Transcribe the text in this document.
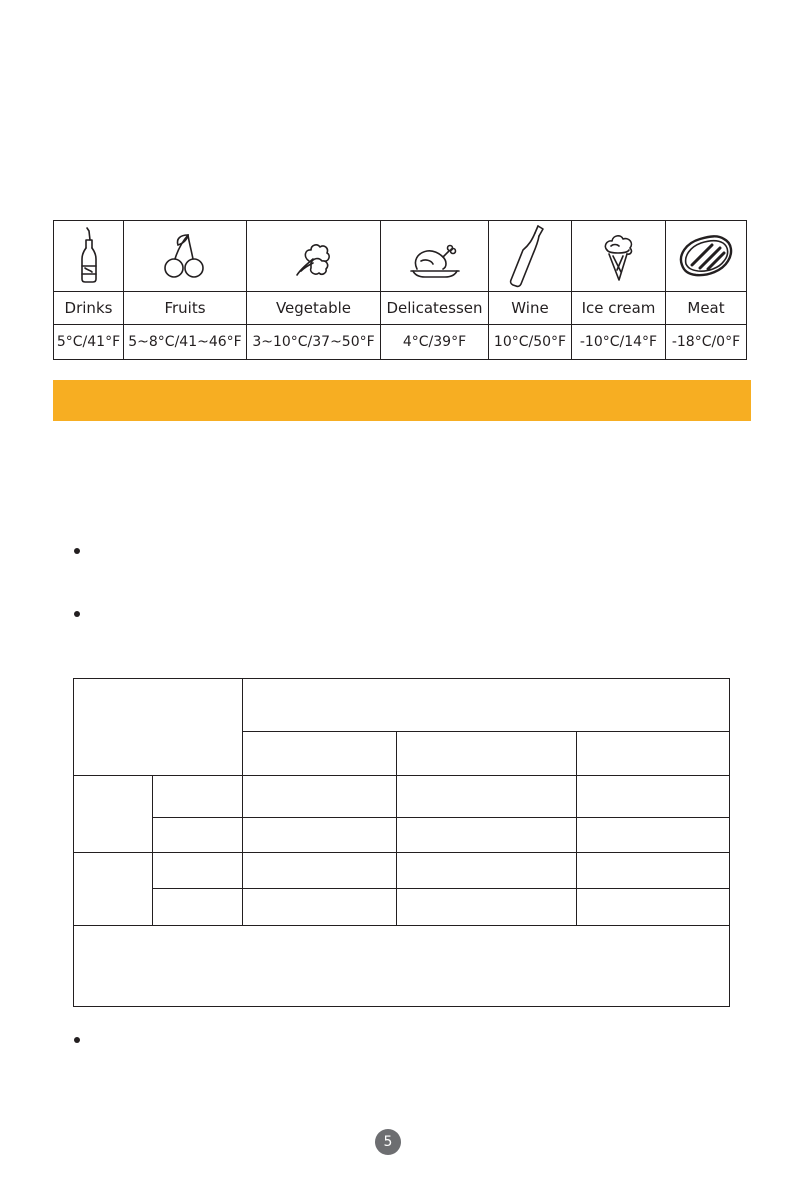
Drinks	Fruits	Vegetable	Delicatessen	Wine	Ice cream	Meat
5°C/41°F	5~8°C/41~46°F	3~10°C/37~50°F	4°C/39°F	10°C/50°F	-10°C/14°F	-18°C/0°F
5
